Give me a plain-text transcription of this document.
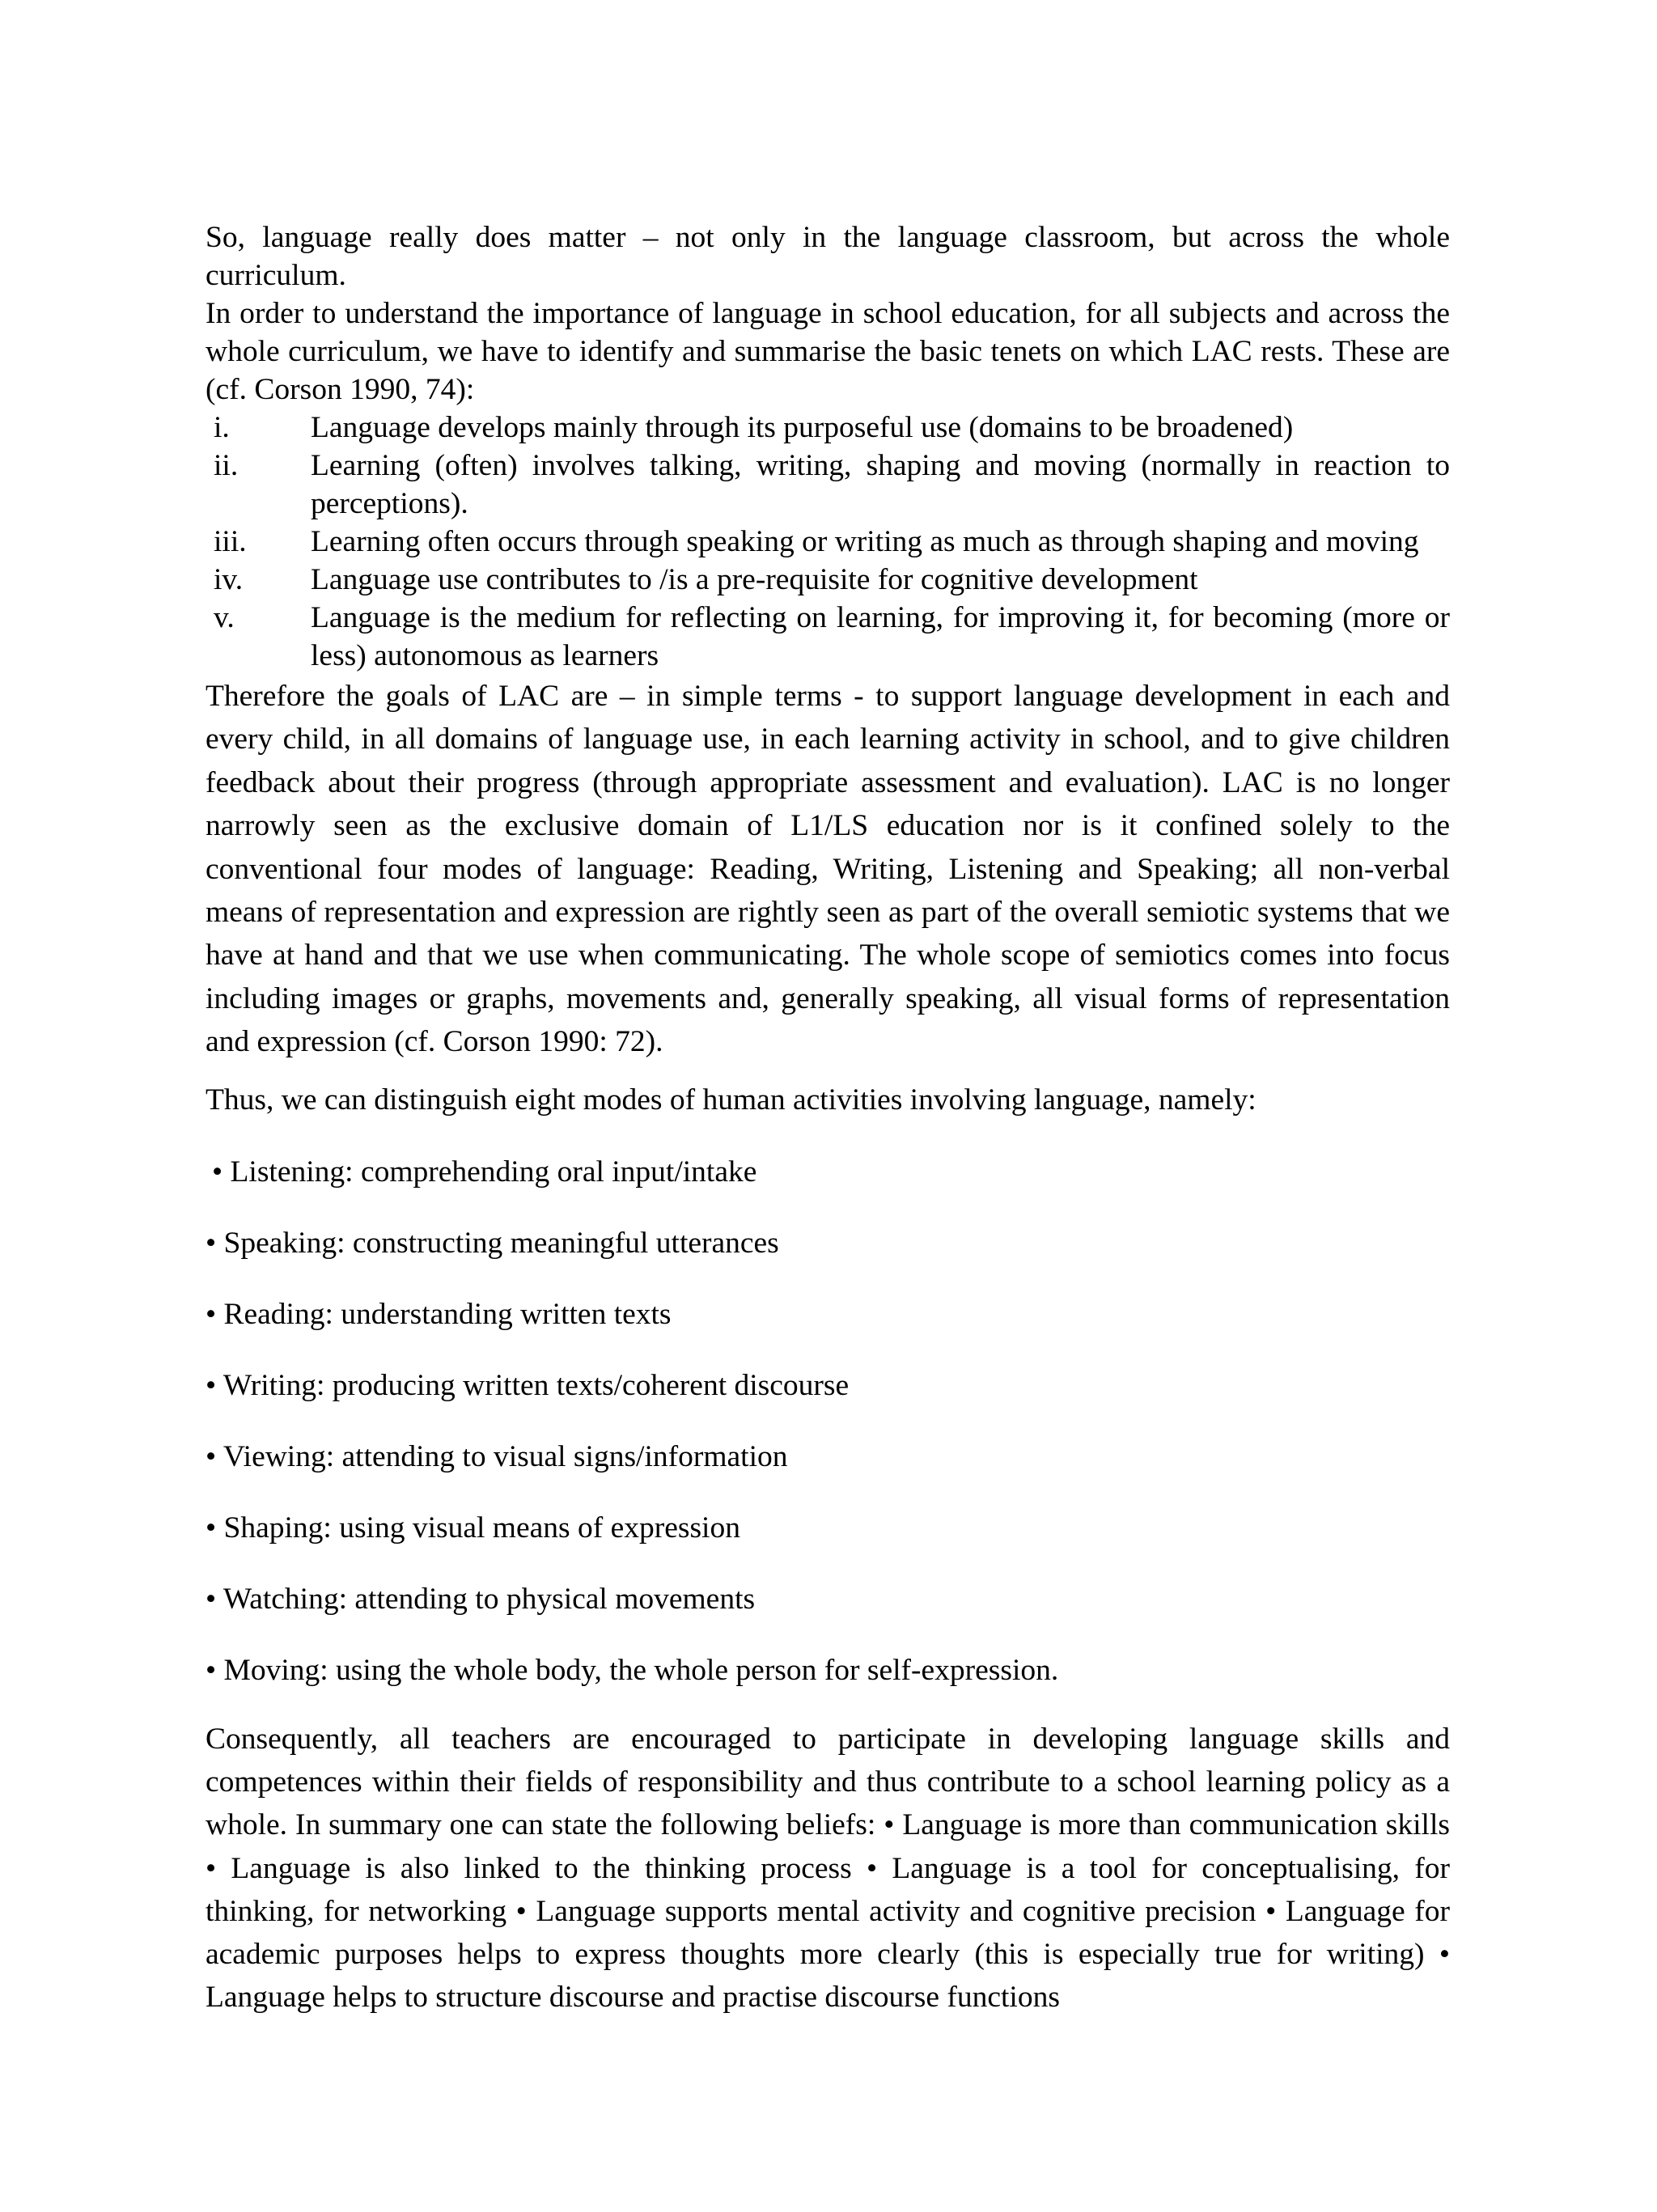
So, language really does matter – not only in the language classroom, but across the whole curriculum.

In order to understand the importance of language in school education, for all subjects and across the whole curriculum, we have to identify and summarise the basic tenets on which LAC rests. These are (cf. Corson 1990, 74):

i.	Language develops mainly through its purposeful use (domains to be broadened)
ii. Learning (often) involves talking, writing, shaping and moving (normally in reaction to perceptions).
iii. Learning often occurs through speaking or writing as much as through shaping and moving
iv. Language use contributes to /is a pre-requisite for cognitive development
v.	Language is the medium for reflecting on learning, for improving it, for becoming (more or less) autonomous as learners

Therefore the goals of LAC are – in simple terms - to support language development in each and every child, in all domains of language use, in each learning activity in school, and to give children feedback about their progress (through appropriate assessment and evaluation). LAC is no longer narrowly seen as the exclusive domain of L1/LS education nor is it confined solely to the conventional four modes of language: Reading, Writing, Listening and Speaking; all non-verbal means of representation and expression are rightly seen as part of the overall semiotic systems that we have at hand and that we use when communicating. The whole scope of semiotics comes into focus including images or graphs, movements and, generally speaking, all visual forms of representation and expression (cf. Corson 1990: 72).

Thus, we can distinguish eight modes of human activities involving language, namely:

• Listening: comprehending oral input/intake
• Speaking: constructing meaningful utterances
• Reading: understanding written texts
• Writing: producing written texts/coherent discourse
• Viewing: attending to visual signs/information
• Shaping: using visual means of expression
• Watching: attending to physical movements
• Moving: using the whole body, the whole person for self-expression.

Consequently, all teachers are encouraged to participate in developing language skills and competences within their fields of responsibility and thus contribute to a school learning policy as a whole. In summary one can state the following beliefs: • Language is more than communication skills • Language is also linked to the thinking process • Language is a tool for conceptualising, for thinking, for networking • Language supports mental activity and cognitive precision • Language for academic purposes helps to express thoughts more clearly (this is especially true for writing) • Language helps to structure discourse and practise discourse functions
